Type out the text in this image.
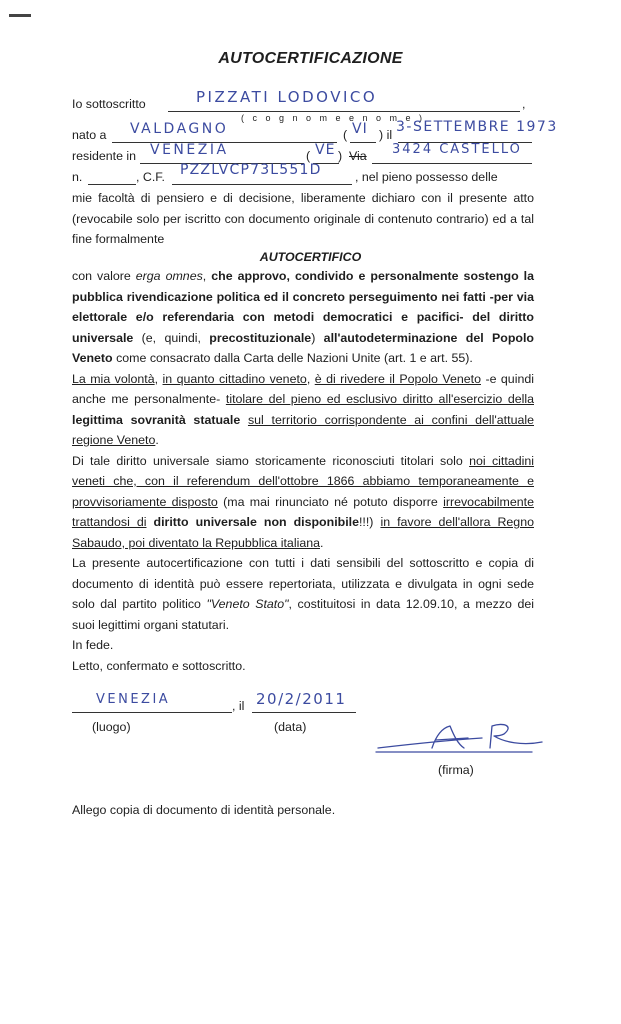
AUTOCERTIFICAZIONE
Io sottoscritto	PIZZATI LODOVICO	,
( c o g n o m e e n o m e )
nato a VALDAGNO	( VI ) il 3-SETTEMBRE 1973
residente in VENEZIA	( VE ) Via 3424 CASTELLO
n.	, C.F. PZZLVCP73L551D	, nel pieno possesso delle

mie facoltà di pensiero e di decisione, liberamente dichiaro con il presente atto (revocabile solo per iscritto con documento originale di contenuto contrario) ed a tal fine formalmente

AUTOCERTIFICO

con valore erga omnes, che approvo, condivido e personalmente sostengo la pubblica rivendicazione politica ed il concreto perseguimento nei fatti -per via elettorale e/o referendaria con metodi democratici e pacifici- del diritto universale (e, quindi, precostituzionale) all'autodeterminazione del Popolo Veneto come consacrato dalla Carta delle Nazioni Unite (art. 1 e art. 55).

La mia volontà, in quanto cittadino veneto, è di rivedere il Popolo Veneto -e quindi anche me personalmente- titolare del pieno ed esclusivo diritto all'esercizio della legittima sovranità statuale sul territorio corrispondente ai confini dell'attuale regione Veneto.

Di tale diritto universale siamo storicamente riconosciuti titolari solo noi cittadini veneti che, con il referendum dell'ottobre 1866 abbiamo temporaneamente e provvisoriamente disposto (ma mai rinunciato né potuto disporre irrevocabilmente trattandosi di diritto universale non disponibile!!!) in favore dell'allora Regno Sabaudo, poi diventato la Repubblica italiana.

La presente autocertificazione con tutti i dati sensibili del sottoscritto e copia di documento di identità può essere repertoriata, utilizzata e divulgata in ogni sede solo dal partito politico "Veneto Stato", costituitosi in data 12.09.10, a mezzo dei suoi legittimi organi statutari.

In fede.

Letto, confermato e sottoscritto.

VENEZIA	, il 20/2/2011
(luogo)	(data)
(firma)
Allego copia di documento di identità personale.
